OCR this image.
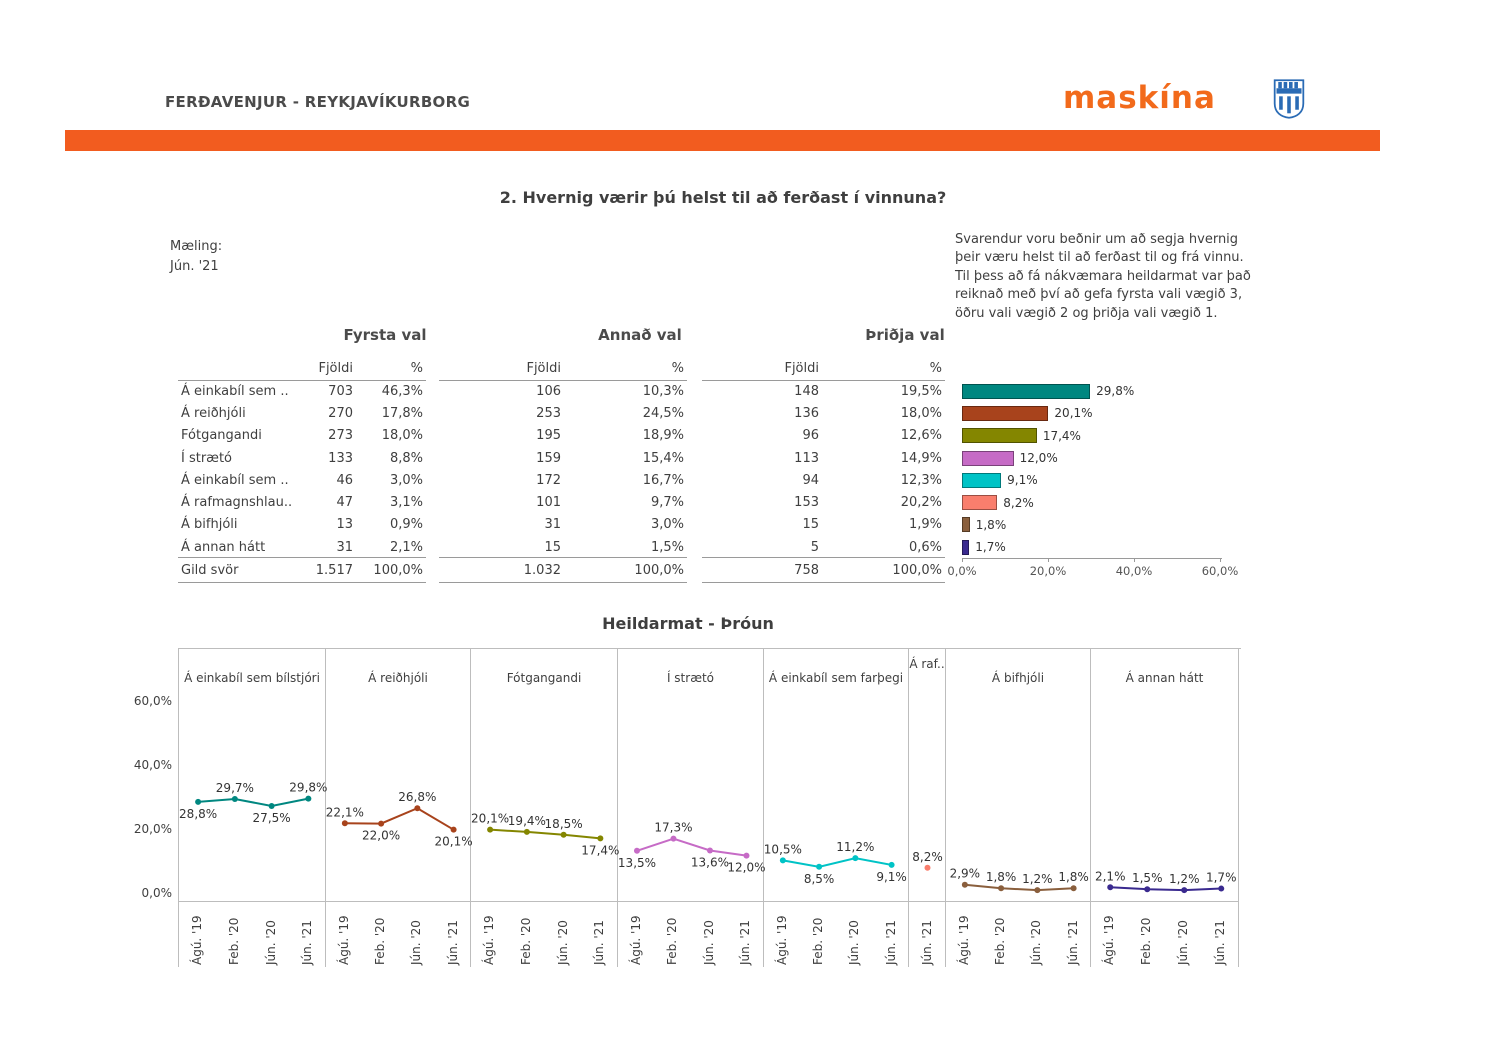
FERÐAVENJUR - REYKJAVÍKURBORG	maskína
2. Hvernig værir þú helst til að ferðast í vinnuna?
Mæling:
Jún. '21
Svarendur voru beðnir um að segja hvernig þeir væru helst til að ferðast til og frá vinnu. Til þess að fá nákvæmara heildarmat var það reiknað með því að gefa fyrsta vali vægið 3, öðru vali vægið 2 og þriðja vali vægið 1.
Fyrsta val	Annað val	Þriðja val
Fjöldi	%	Fjöldi	%	Fjöldi	%
Á einkabíl sem ..	703	46,3%	106	10,3%	148	19,5%
Á reiðhjóli	270	17,8%	253	24,5%	136	18,0%
Fótgangandi	273	18,0%	195	18,9%	96	12,6%
Í strætó	133	8,8%	159	15,4%	113	14,9%
Á einkabíl sem ..	46	3,0%	172	16,7%	94	12,3%
Á rafmagnshlau..	47	3,1%	101	9,7%	153	20,2%
Á bifhjóli	13	0,9%	31	3,0%	15	1,9%
Á annan hátt	31	2,1%	15	1,5%	5	0,6%
Gild svör	1.517	100,0%	1.032	100,0%	758	100,0%
29,8%
20,1%
17,4%
12,0%
9,1%
8,2%
1,8%
1,7%
0,0%	20,0%	40,0%	60,0%
Heildarmat - Þróun
60,0%
40,0%
20,0%
0,0%
Á einkabíl sem bílstjóri
28,8%
29,7%
27,5%
29,8%
Ágú. '19 Feb. '20 Jún. '20 Jún. '21
Á reiðhjóli
22,1%
22,0%
26,8%
20,1%
Ágú. '19 Feb. '20 Jún. '20 Jún. '21
Fótgangandi
20,1%
19,4%
18,5%
17,4%
Ágú. '19 Feb. '20 Jún. '20 Jún. '21
Í strætó
13,5%
17,3%
13,6%
12,0%
Ágú. '19 Feb. '20 Jún. '20 Jún. '21
Á einkabíl sem farþegi
10,5%
8,5%
11,2%
9,1%
Ágú. '19 Feb. '20 Jún. '20 Jún. '21
Á raf..
8,2%
Jún. '21
Á bifhjóli
2,9% 1,8% 1,2% 1,8%
Ágú. '19 Feb. '20 Jún. '20 Jún. '21
Á annan hátt
2,1% 1,5% 1,2% 1,7%
Ágú. '19 Feb. '20 Jún. '20 Jún. '21
